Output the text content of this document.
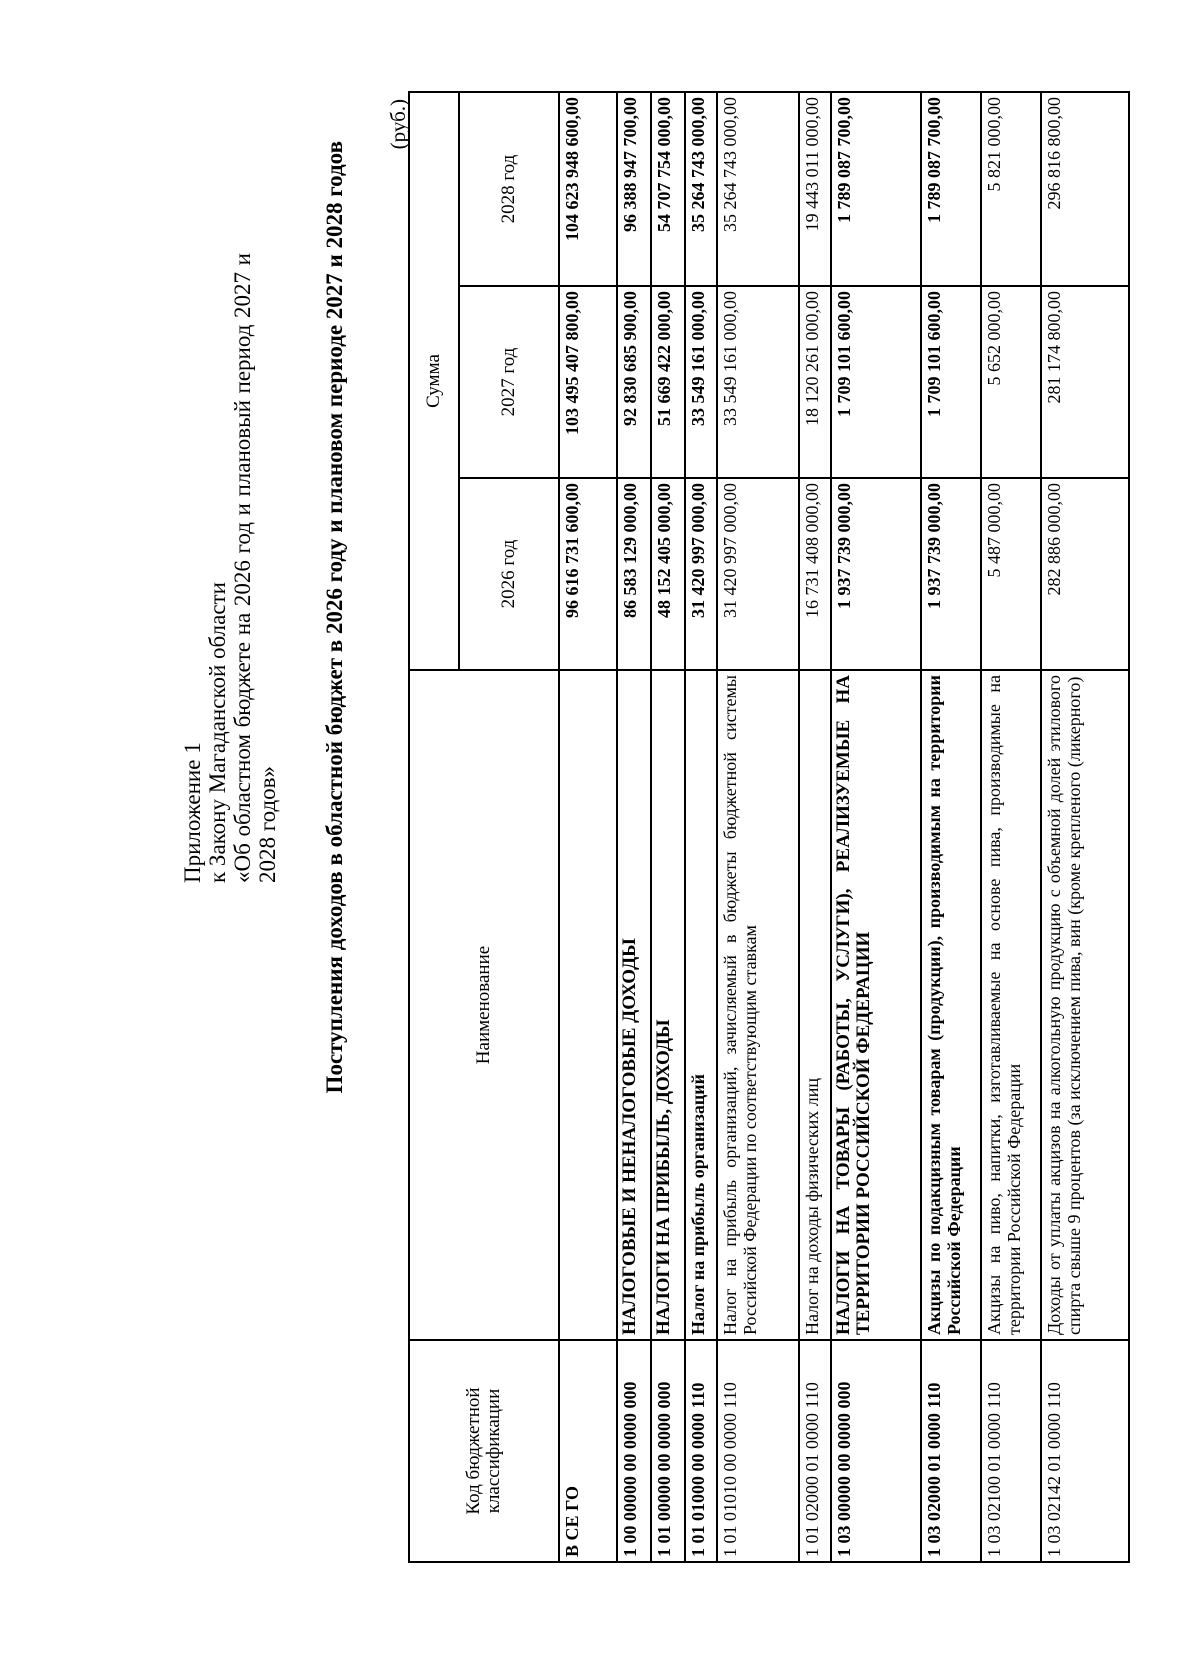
Приложение 1 к Закону Магаданской области «Об областном бюджете на 2026 год и плановый период 2027 и 2028 годов» Поступления доходов в областной бюджет в 2026 году и плановом периоде 2027 и 2028 годов
(руб.)
Код бюджетной классификации	Наименование	Сумма		
		2026 год	2027 год	2028 год
В СЕ ГО		96 616 731 600,00	103 495 407 800,00	104 623 948 600,00
1 00 00000 00 0000 000	НАЛОГОВЫЕ И НЕНАЛОГОВЫЕ ДОХОДЫ	86 583 129 000,00	92 830 685 900,00	96 388 947 700,00
1 01 00000 00 0000 000	НАЛОГИ НА ПРИБЫЛЬ, ДОХОДЫ	48 152 405 000,00	51 669 422 000,00	54 707 754 000,00
1 01 01000 00 0000 110	Налог на прибыль организаций	31 420 997 000,00	33 549 161 000,00	35 264 743 000,00
1 01 01010 00 0000 110	Налог на прибыль организаций, зачисляемый в бюджеты бюджетной системы Российской Федерации по соответствующим ставкам	31 420 997 000,00	33 549 161 000,00	35 264 743 000,00
1 01 02000 01 0000 110	Налог на доходы физических лиц	16 731 408 000,00	18 120 261 000,00	19 443 011 000,00
1 03 00000 00 0000 000	НАЛОГИ НА ТОВАРЫ (РАБОТЫ, УСЛУГИ), РЕАЛИЗУЕМЫЕ НА ТЕРРИТОРИИ РОССИЙСКОЙ ФЕДЕРАЦИИ	1 937 739 000,00	1 709 101 600,00	1 789 087 700,00
1 03 02000 01 0000 110	Акцизы по подакцизным товарам (продукции), производимым на территории Российской Федерации	1 937 739 000,00	1 709 101 600,00	1 789 087 700,00
1 03 02100 01 0000 110	Акцизы на пиво, напитки, изготавливаемые на основе пива, производимые на территории Российской Федерации	5 487 000,00	5 652 000,00	5 821 000,00
1 03 02142 01 0000 110	Доходы от уплаты акцизов на алкогольную продукцию с объемной долей этилового спирта свыше 9 процентов (за исключением пива, вин (кроме крепленого (ликерного)	282 886 000,00	281 174 800,00	296 816 800,00
